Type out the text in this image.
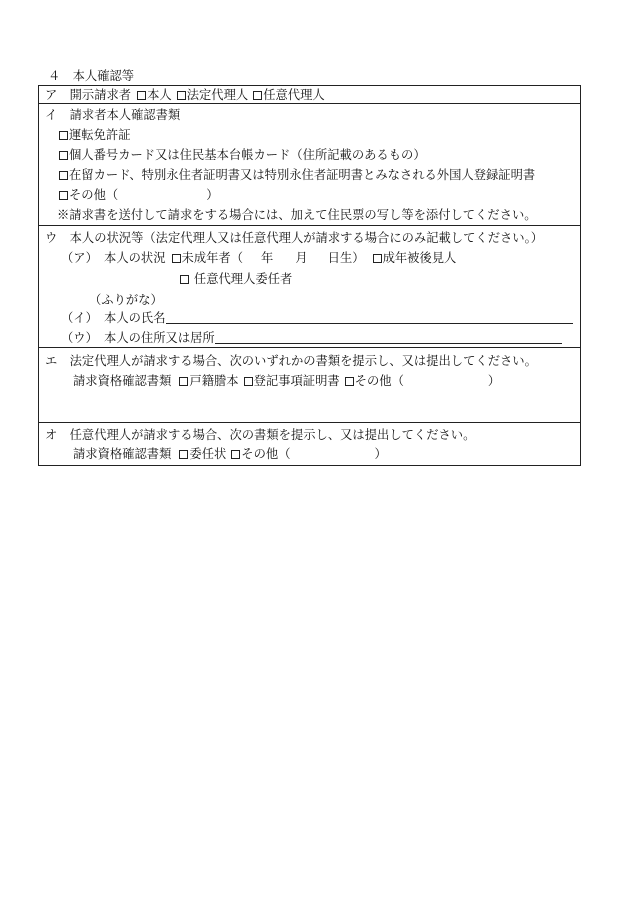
４　本人確認等
ア　開示請求者 本人 法定代理人 任意代理人
イ　請求者本人確認書類
運転免許証
個人番号カード又は住民基本台帳カード（住所記載のあるもの）
在留カード、特別永住者証明書又は特別永住者証明書とみなされる外国人登録証明書
その他（	）
※請求書を送付して請求をする場合には、加えて住民票の写し等を添付してください。
ウ　本人の状況等（法定代理人又は任意代理人が請求する場合にのみ記載してください。）
（ア）　本人の状況 未成年者（ 年 月 日生） 成年被後見人
任意代理人委任者
（ふりがな）
（イ）　本人の氏名
（ウ）　本人の住所又は居所
エ　法定代理人が請求する場合、次のいずれかの書類を提示し、又は提出してください。
請求資格確認書類 戸籍謄本 登記事項証明書 その他（	）
オ　任意代理人が請求する場合、次の書類を提示し、又は提出してください。
請求資格確認書類 委任状 その他（	）
